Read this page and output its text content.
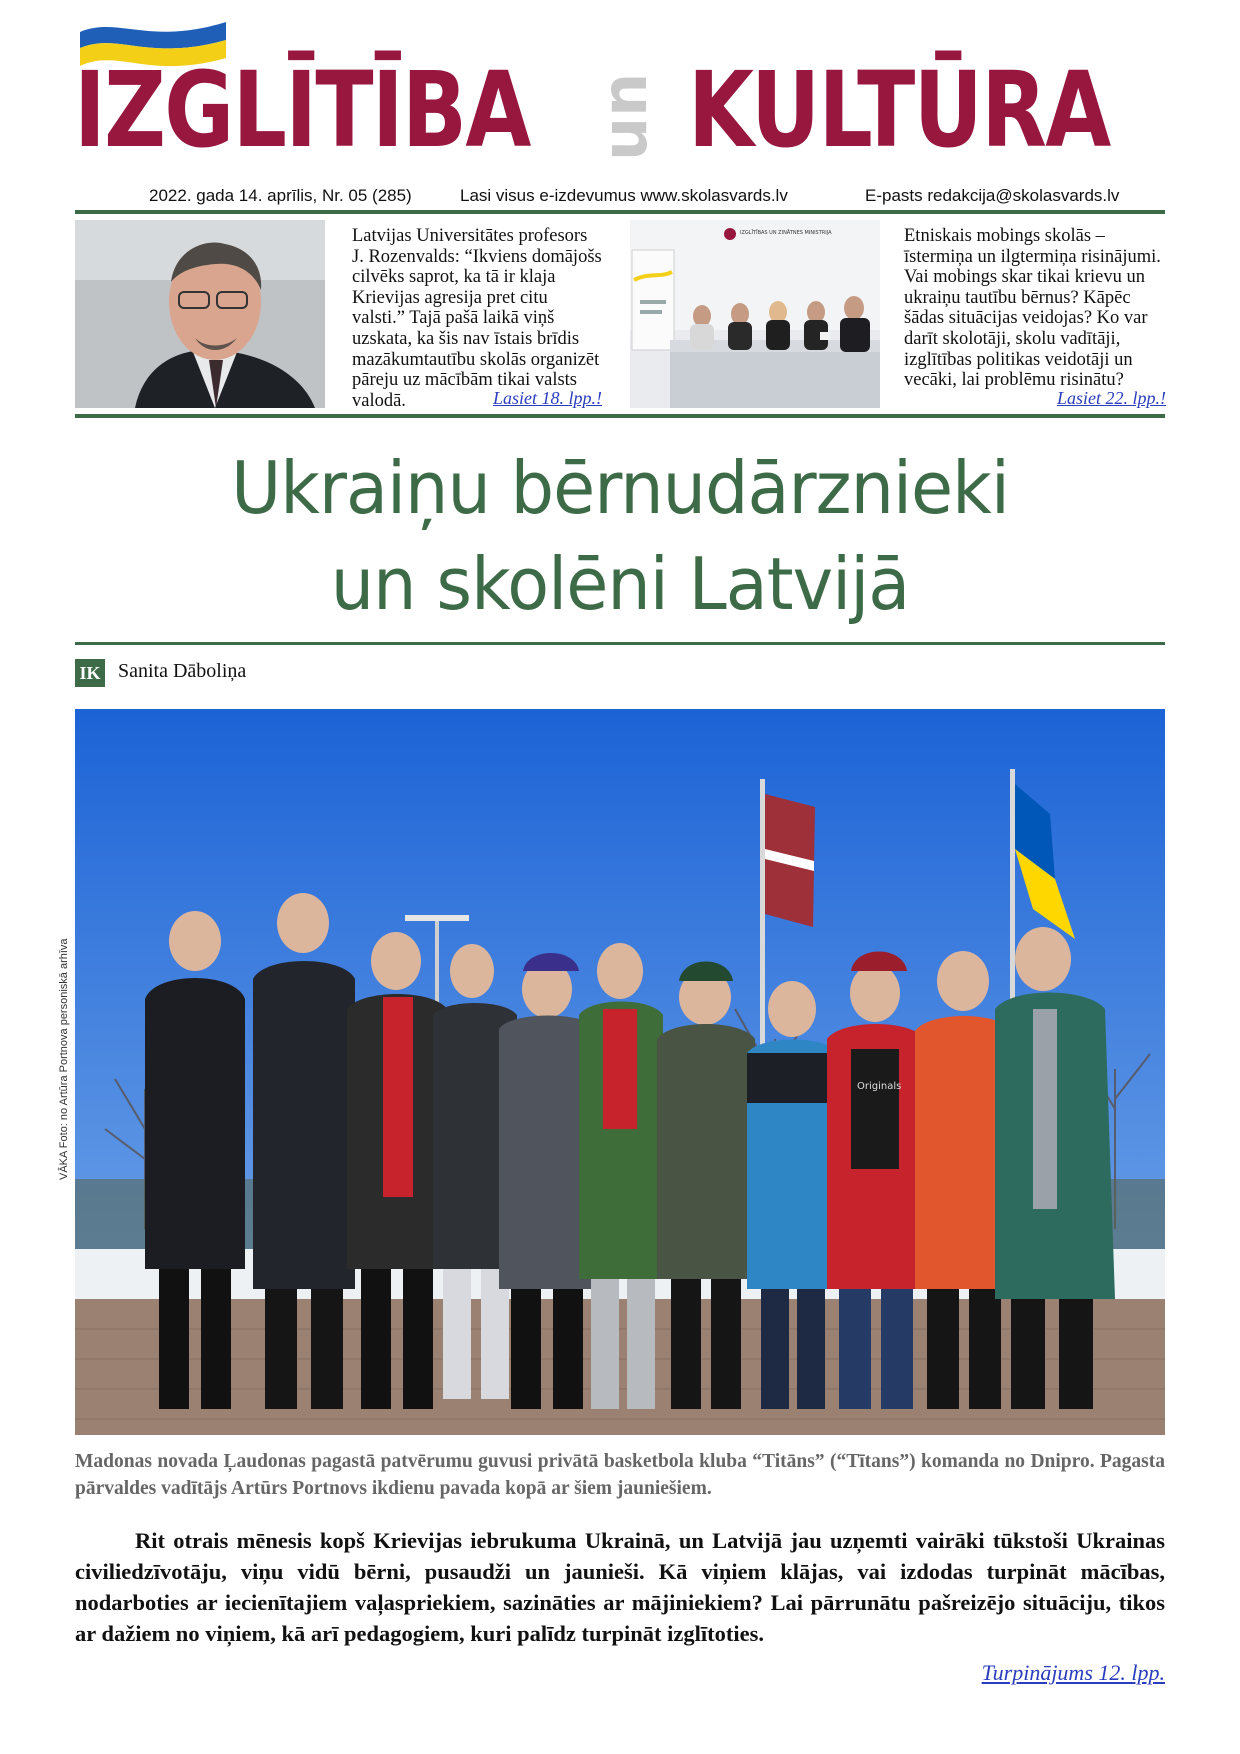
IZGLĪTĪBA un KULTŪRA
2022. gada 14. aprīlis, Nr. 05 (285)	Lasi visus e-izdevumus www.skolasvards.lv	E-pasts redakcija@skolasvards.lv
Latvijas Universitātes profesors J. Rozenvalds: “Ikviens domājošs cilvēks saprot, ka tā ir klaja Krievijas agresija pret citu valsti.” Tajā pašā laikā viņš uzskata, ka šis nav īstais brīdis mazākumtautību skolās organizēt pāreju uz mācībām tikai valsts valodā.	Lasiet 18. lpp.!
IZGLĪTĪBAS UN ZINĀTNES MINISTRIJA	Etniskais mobings skolās – īstermiņa un ilgtermiņa risinājumi. Vai mobings skar tikai krievu un ukraiņu tautību bērnus? Kāpēc šādas situācijas veidojas? Ko var darīt skolotāji, skolu vadītāji, izglītības politikas veidotāji un vecāki, lai problēmu risinātu?
Lasiet 22. lpp.!
Ukraiņu bērnudārznieki
un skolēni Latvijā
IK Sanita Dāboliņa
Originals
VĀKA Foto: no Artūra Portnova personiskā arhīva
Madonas novada Ļaudonas pagastā patvērumu guvusi privātā basketbola kluba “Titāns” (“Tītans”) komanda no Dnipro. Pagasta pārvaldes vadītājs Artūrs Portnovs ikdienu pavada kopā ar šiem jauniešiem.
Rit otrais mēnesis kopš Krievijas iebrukuma Ukrainā, un Latvijā jau uzņemti vairāki tūkstoši Ukrainas civiliedzīvotāju, viņu vidū bērni, pusaudži un jaunieši. Kā viņiem klājas, vai izdodas turpināt mācības, nodarboties ar iecienītajiem vaļaspriekiem, sazināties ar mājiniekiem? Lai pārrunātu pašreizējo situāciju, tikos ar dažiem no viņiem, kā arī pedagogiem, kuri palīdz turpināt izglītoties.
Turpinājums 12. lpp.
